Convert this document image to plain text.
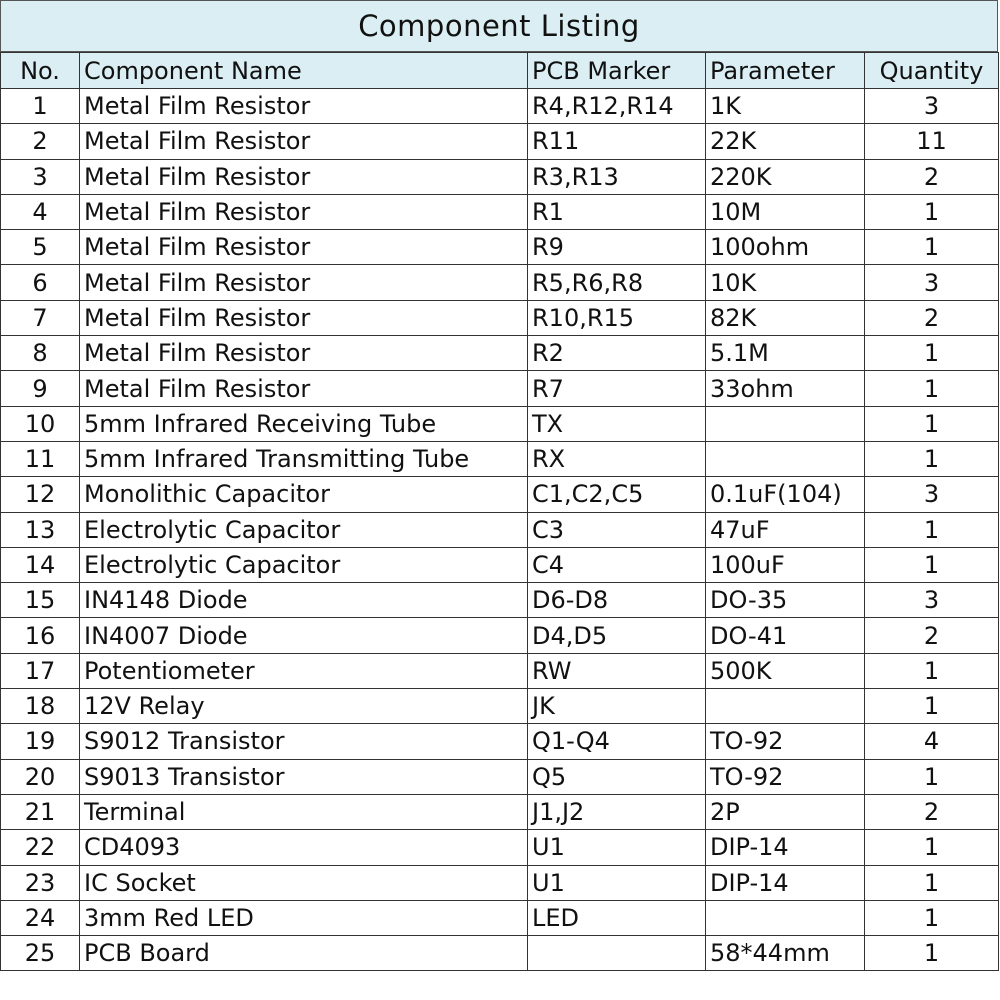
Component Listing
No.	Component Name	PCB Marker	Parameter	Quantity
1	Metal Film Resistor	R4,R12,R14	1K	3
2	Metal Film Resistor	R11	22K	11
3	Metal Film Resistor	R3,R13	220K	2
4	Metal Film Resistor	R1	10M	1
5	Metal Film Resistor	R9	100ohm	1
6	Metal Film Resistor	R5,R6,R8	10K	3
7	Metal Film Resistor	R10,R15	82K	2
8	Metal Film Resistor	R2	5.1M	1
9	Metal Film Resistor	R7	33ohm	1
10	5mm Infrared Receiving Tube	TX		1
11	5mm Infrared Transmitting Tube	RX		1
12	Monolithic Capacitor	C1,C2,C5	0.1uF(104)	3
13	Electrolytic Capacitor	C3	47uF	1
14	Electrolytic Capacitor	C4	100uF	1
15	IN4148 Diode	D6-D8	DO-35	3
16	IN4007 Diode	D4,D5	DO-41	2
17	Potentiometer	RW	500K	1
18	12V Relay	JK		1
19	S9012 Transistor	Q1-Q4	TO-92	4
20	S9013 Transistor	Q5	TO-92	1
21	Terminal	J1,J2	2P	2
22	CD4093	U1	DIP-14	1
23	IC Socket	U1	DIP-14	1
24	3mm Red LED	LED		1
25	PCB Board		58*44mm	1
